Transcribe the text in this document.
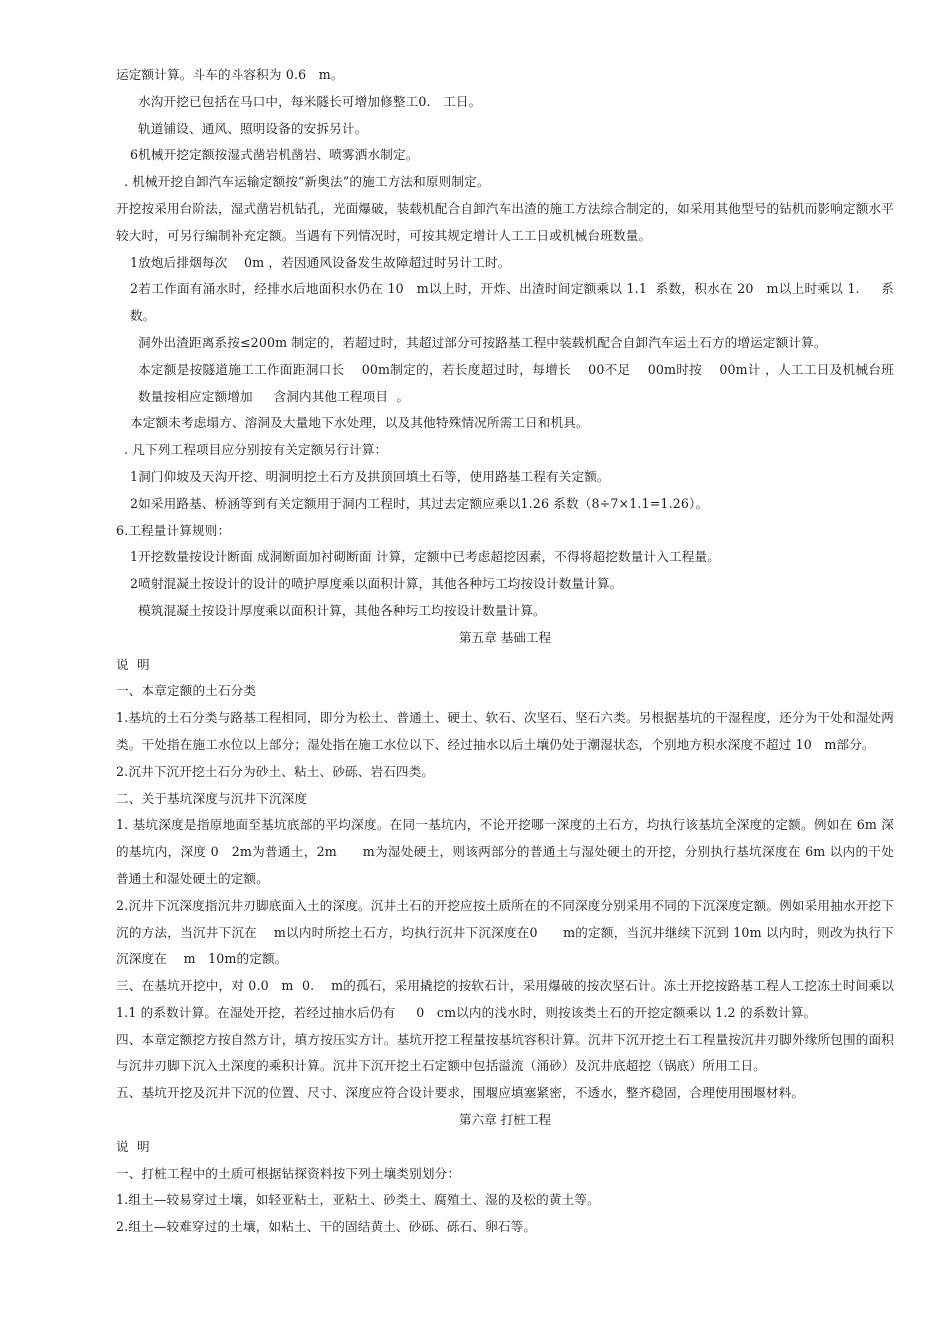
运定额计算。斗车的斗容积为 0.6   m。

水沟开挖已包括在马口中，每米隧长可增加修整工0.   工日。

轨道铺设、通风、照明设备的安拆另计。

6机械开挖定额按湿式凿岩机凿岩、喷雾洒水制定。

. 机械开挖自卸汽车运输定额按“新奥法”的施工方法和原则制定。

开挖按采用台阶法，湿式凿岩机钻孔，光面爆破，装载机配合自卸汽车出渣的施工方法综合制定的，如采用其他型号的钻机而影响定额水平较大时，可另行编制补充定额。当遇有下列情况时，可按其规定增计人工工日或机械台班数量。

1放炮后排烟每次    0m ，若因通风设备发生故障超过时另计工时。

2若工作面有涌水时，经排水后地面积水仍在 10   m以上时，开炸、出渣时间定额乘以 1.1  系数，积水在 20   m以上时乘以 1.     系数。

洞外出渣距离系按≤200m 制定的，若超过时，其超过部分可按路基工程中装载机配合自卸汽车运土石方的增运定额计算。

本定额是按隧道施工工作面距洞口长    00m制定的，若长度超过时，每增长    00不足    00m时按    00m计 ，人工工日及机械台班数量按相应定额增加     含洞内其他工程项目  。

本定额未考虑塌方、溶洞及大量地下水处理，以及其他特殊情况所需工日和机具。

. 凡下列工程项目应分别按有关定额另行计算：

1洞门仰坡及天沟开挖、明洞明挖土石方及拱顶回填土石等，使用路基工程有关定额。

2如采用路基、桥涵等到有关定额用于洞内工程时，其过去定额应乘以1.26 系数（8÷7×1.1=1.26）。

6.工程量计算规则：

1开挖数量按设计断面 成洞断面加衬砌断面 计算，定额中已考虑超挖因素，不得将超挖数量计入工程量。

2喷射混凝土按设计的设计的喷护厚度乘以面积计算，其他各种圬工均按设计数量计算。

模筑混凝土按设计厚度乘以面积计算，其他各种圬工均按设计数量计算。

第五章 基础工程

说  明

一、本章定额的土石分类

1.基坑的土石分类与路基工程相同，即分为松土、普通土、硬土、软石、次坚石、坚石六类。另根据基坑的干湿程度，还分为干处和湿处两类。干处指在施工水位以上部分；湿处指在施工水位以下、经过抽水以后土壤仍处于潮湿状态，个别地方积水深度不超过 10   m部分。

2.沉井下沉开挖土石分为砂土、粘土、砂砾、岩石四类。

二、关于基坑深度与沉井下沉深度

1. 基坑深度是指原地面至基坑底部的平均深度。在同一基坑内，不论开挖哪一深度的土石方，均执行该基坑全深度的定额。例如在 6m 深的基坑内，深度 0   2m为普通土，2m      m为湿处硬土，则该两部分的普通土与湿处硬土的开挖，分别执行基坑深度在 6m 以内的干处普通土和湿处硬土的定额。

2.沉井下沉深度指沉井刃脚底面入土的深度。沉井土石的开挖应按土质所在的不同深度分别采用不同的下沉深度定额。例如采用抽水开挖下沉的方法，当沉井下沉在    m以内时所挖土石方，均执行沉井下沉深度在0      m的定额，当沉井继续下沉到 10m 以内时，则改为执行下沉深度在    m   10m的定额。

三、在基坑开挖中，对 0.0   m  0.    m的孤石，采用撬挖的按软石计，采用爆破的按次坚石计。冻土开挖按路基工程人工挖冻土时间乘以 1.1 的系数计算。在湿处开挖，若经过抽水后仍有     0   cm以内的浅水时，则按该类土石的开挖定额乘以 1.2 的系数计算。

四、本章定额挖方按自然方计，填方按压实方计。基坑开挖工程量按基坑容积计算。沉井下沉开挖土石工程量按沉井刃脚外缘所包围的面积与沉井刃脚下沉入土深度的乘积计算。沉井下沉开挖土石定额中包括溢流（涌砂）及沉井底超挖（锅底）所用工日。

五、基坑开挖及沉井下沉的位置、尺寸、深度应符合设计要求，围堰应填塞紧密，不透水，整齐稳固，合理使用围堰材料。

第六章 打桩工程

说  明

一、打桩工程中的土质可根据钻探资料按下列土壤类别划分：

1.组土—较易穿过土壤，如轻亚粘土，亚粘土、砂类土、腐殖土、湿的及松的黄土等。

2.组土—较难穿过的土壤，如粘土、干的固结黄土、砂砾、砾石、卵石等。
